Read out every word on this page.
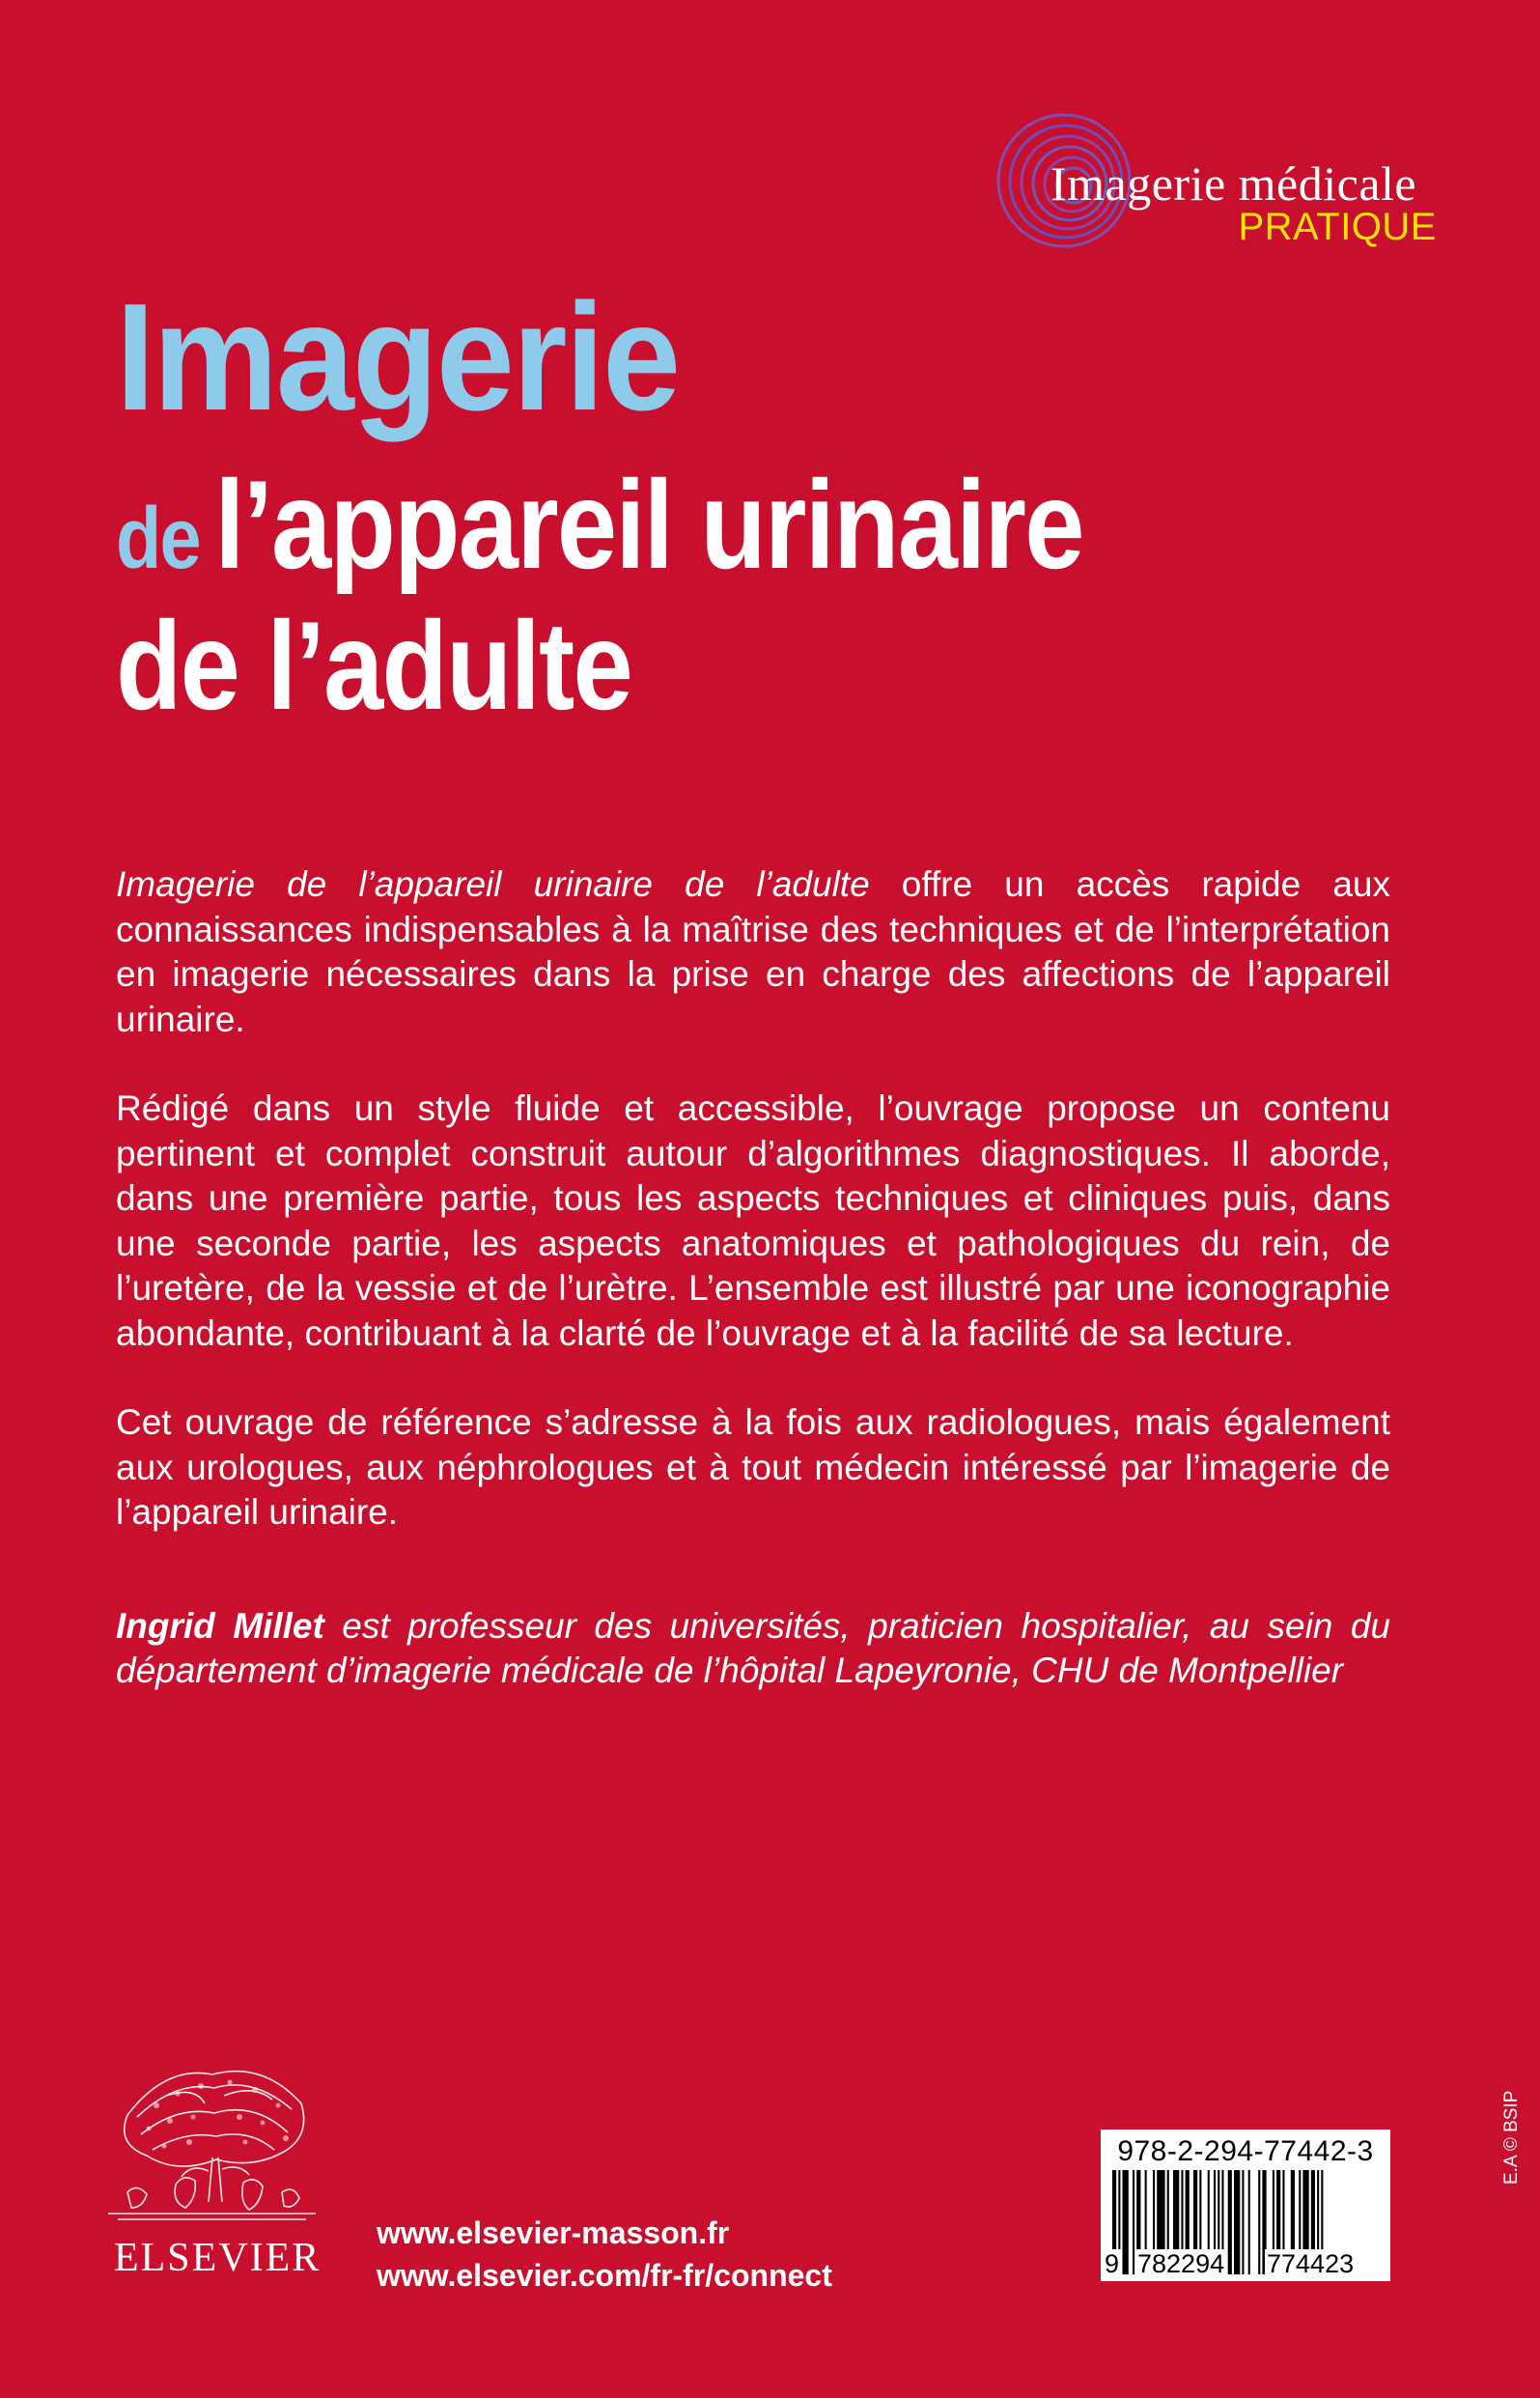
Imagerie médicale
PRATIQUE
Imagerie
de l’appareil urinaire
de l’adulte

Imagerie de l’appareil urinaire de l’adulte offre un accès rapide aux connaissances indispensables à la maîtrise des techniques et de l’interprétation en imagerie nécessaires dans la prise en charge des affections de l’appareil urinaire.

Rédigé dans un style fluide et accessible, l’ouvrage propose un contenu pertinent et complet construit autour d’algorithmes diagnostiques. Il aborde, dans une première partie, tous les aspects techniques et cliniques puis, dans une seconde partie, les aspects anatomiques et pathologiques du rein, de l’uretère, de la vessie et de l’urètre. L’ensemble est illustré par une iconographie abondante, contribuant à la clarté de l’ouvrage et à la facilité de sa lecture.

Cet ouvrage de référence s’adresse à la fois aux radiologues, mais également aux urologues, aux néphrologues et à tout médecin intéressé par l’imagerie de l’appareil urinaire.

Ingrid Millet est professeur des universités, praticien hospitalier, au sein du département d’imagerie médicale de l’hôpital Lapeyronie, CHU de Montpellier

ELSEVIER
www.elsevier-masson.fr
www.elsevier.com/fr-fr/connect
978-2-294-77442-3
9 782294 774423
E.A © BSIP
